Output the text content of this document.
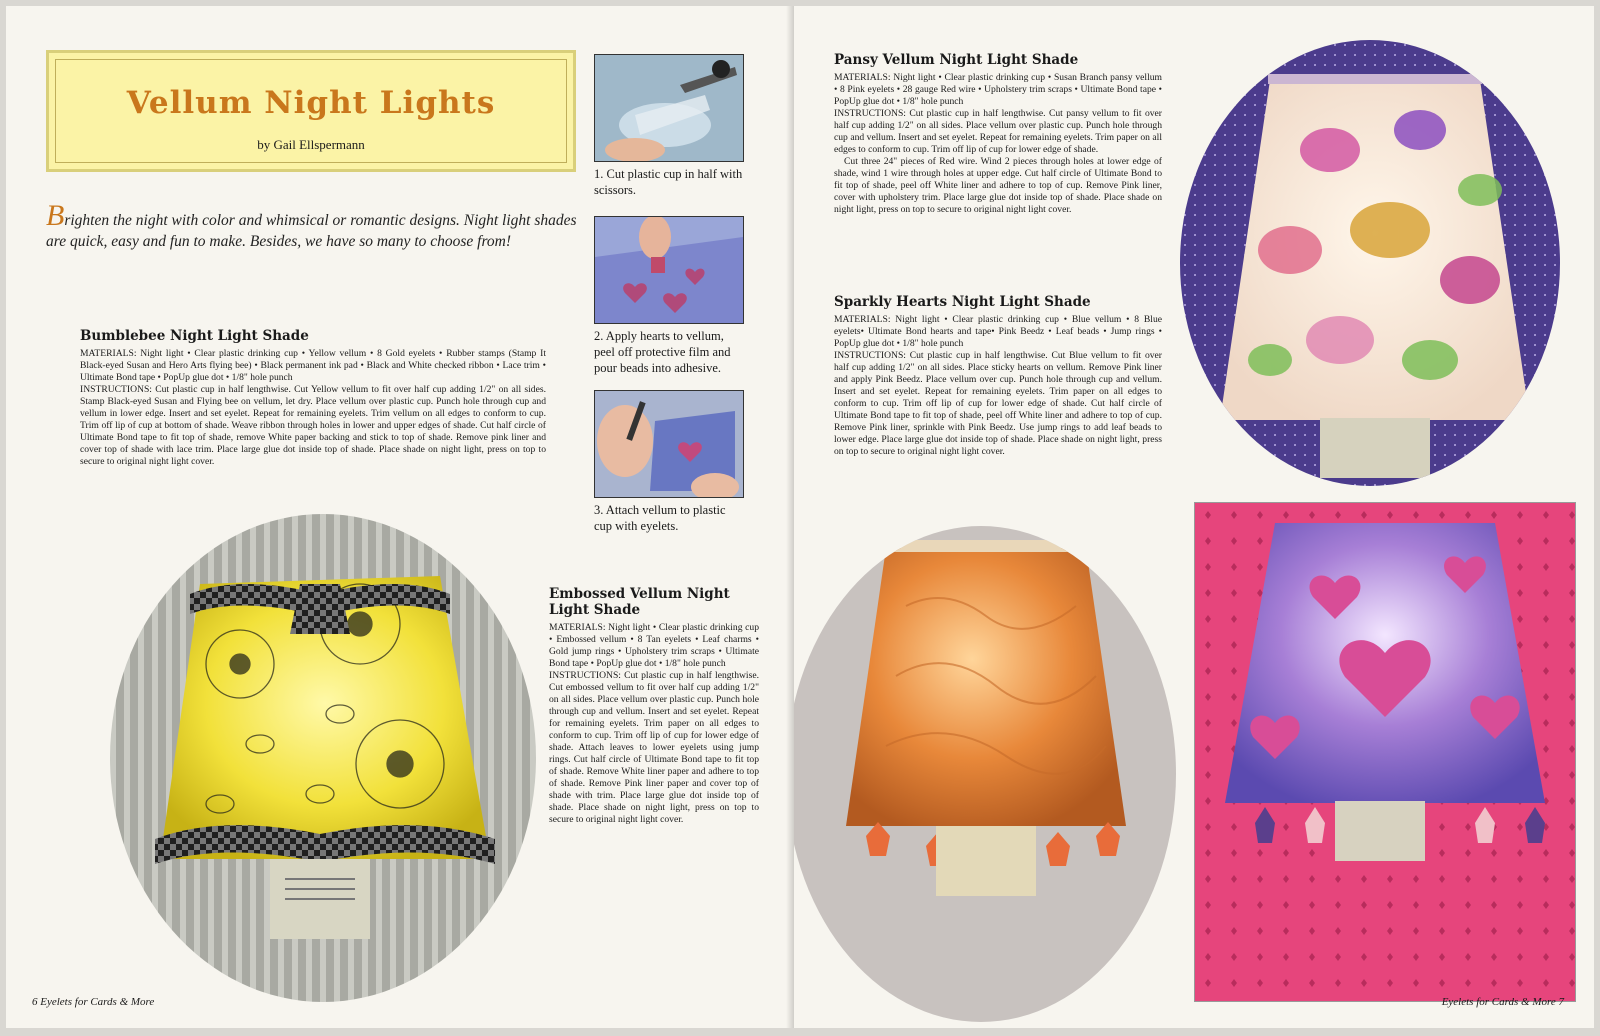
Vellum Night Lights
by Gail Ellspermann
Brighten the night with color and whimsical or romantic designs. Night light shades are quick, easy and fun to make. Besides, we have so many to choose from!
1. Cut plastic cup in half with scissors.
2. Apply hearts to vellum, peel off protective film and pour beads into adhesive.
3. Attach vellum to plastic cup with eyelets.
Bumblebee Night Light Shade

MATERIALS: Night light • Clear plastic drinking cup • Yellow vellum • 8 Gold eyelets • Rubber stamps (Stamp It Black-eyed Susan and Hero Arts flying bee) • Black permanent ink pad • Black and White checked ribbon • Lace trim • Ultimate Bond tape • PopUp glue dot • 1/8" hole punch

INSTRUCTIONS: Cut plastic cup in half lengthwise. Cut Yellow vellum to fit over half cup adding 1/2" on all sides. Stamp Black-eyed Susan and Flying bee on vellum, let dry. Place vellum over plastic cup. Punch hole through cup and vellum in lower edge. Insert and set eyelet. Repeat for remaining eyelets. Trim vellum on all edges to conform to cup. Trim off lip of cup at bottom of shade. Weave ribbon through holes in lower and upper edges of shade. Cut half circle of Ultimate Bond tape to fit top of shade, remove White paper backing and stick to top of shade. Remove pink liner and cover top of shade with lace trim. Place large glue dot inside top of shade. Place shade on night light, press on top to secure to original night light cover.

Embossed Vellum Night Light Shade

MATERIALS: Night light • Clear plastic drinking cup • Embossed vellum • 8 Tan eyelets • Leaf charms • Gold jump rings • Upholstery trim scraps • Ultimate Bond tape • PopUp glue dot • 1/8" hole punch

INSTRUCTIONS: Cut plastic cup in half lengthwise. Cut embossed vellum to fit over half cup adding 1/2" on all sides. Place vellum over plastic cup. Punch hole through cup and vellum. Insert and set eyelet. Repeat for remaining eyelets. Trim paper on all edges to conform to cup. Trim off lip of cup for lower edge of shade. Attach leaves to lower eyelets using jump rings. Cut half circle of Ultimate Bond tape to fit top of shade. Remove White liner paper and adhere to top of shade. Remove Pink liner paper and cover top of shade with trim. Place large glue dot inside top of shade. Place shade on night light, press on top to secure to original night light cover.

6 Eyelets for Cards & More
Pansy Vellum Night Light Shade

MATERIALS: Night light • Clear plastic drinking cup • Susan Branch pansy vellum • 8 Pink eyelets • 28 gauge Red wire • Upholstery trim scraps • Ultimate Bond tape • PopUp glue dot • 1/8" hole punch

INSTRUCTIONS: Cut plastic cup in half lengthwise. Cut pansy vellum to fit over half cup adding 1/2" on all sides. Place vellum over plastic cup. Punch hole through cup and vellum. Insert and set eyelet. Repeat for remaining eyelets. Trim paper on all edges to conform to cup. Trim off lip of cup for lower edge of shade.

Cut three 24" pieces of Red wire. Wind 2 pieces through holes at lower edge of shade, wind 1 wire through holes at upper edge. Cut half circle of Ultimate Bond to fit top of shade, peel off White liner and adhere to top of cup. Remove Pink liner, cover with upholstery trim. Place large glue dot inside top of shade. Place shade on night light, press on top to secure to original night light cover.

Sparkly Hearts Night Light Shade

MATERIALS: Night light • Clear plastic drinking cup • Blue vellum • 8 Blue eyelets• Ultimate Bond hearts and tape• Pink Beedz • Leaf beads • Jump rings • PopUp glue dot • 1/8" hole punch

INSTRUCTIONS: Cut plastic cup in half lengthwise. Cut Blue vellum to fit over half cup adding 1/2" on all sides. Place sticky hearts on vellum. Remove Pink liner and apply Pink Beedz. Place vellum over cup. Punch hole through cup and vellum. Insert and set eyelet. Repeat for remaining eyelets. Trim paper on all edges to conform to cup. Trim off lip of cup for lower edge of shade. Cut half circle of Ultimate Bond tape to fit top of shade, peel off White liner and adhere to top of cup. Remove Pink liner, sprinkle with Pink Beedz. Use jump rings to add leaf beads to lower edge. Place large glue dot inside top of shade. Place shade on night light, press on top to secure to original night light cover.

Eyelets for Cards & More 7
